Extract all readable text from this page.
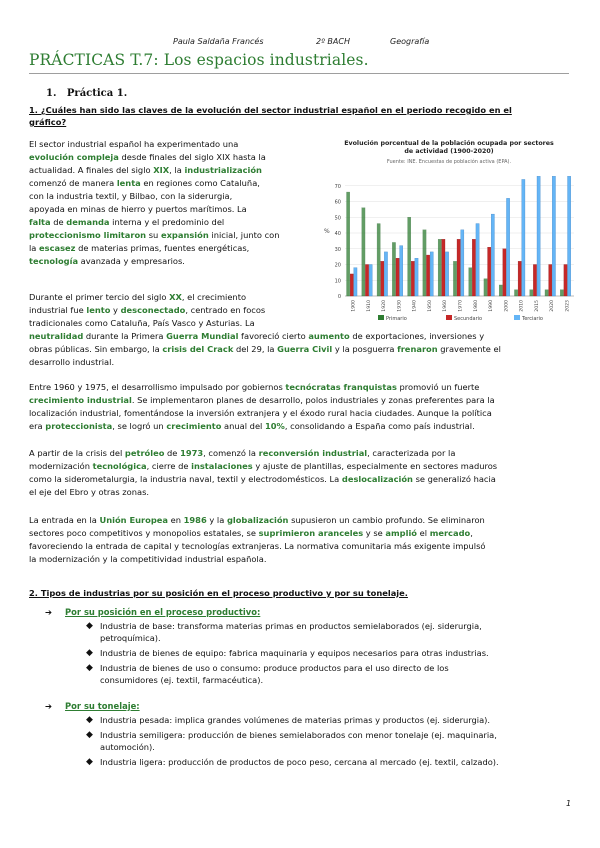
Paula Saldaña Francés	2º BACH	Geografía
PRÁCTICAS T.7: Los espacios industriales.
1. Práctica 1.
1. ¿Cuáles han sido las claves de la evolución del sector industrial español en el periodo recogido en el
gráfico?
El sector industrial español ha experimentado una
evolución compleja desde finales del siglo XIX hasta la
actualidad. A finales del siglo XIX, la industrialización
comenzó de manera lenta en regiones como Cataluña,
con la industria textil, y Bilbao, con la siderurgia,
apoyada en minas de hierro y puertos marítimos. La
falta de demanda interna y el predominio del
proteccionismo limitaron su expansión inicial, junto con
la escasez de materias primas, fuentes energéticas,
tecnología avanzada y empresarios.
Durante el primer tercio del siglo XX, el crecimiento
industrial fue lento y desconectado, centrado en focos
tradicionales como Cataluña, País Vasco y Asturias. La
neutralidad durante la Primera Guerra Mundial favoreció cierto aumento de exportaciones, inversiones y
obras públicas. Sin embargo, la crisis del Crack del 29, la Guerra Civil y la posguerra frenaron gravemente el
desarrollo industrial.
Entre 1960 y 1975, el desarrollismo impulsado por gobiernos tecnócratas franquistas promovió un fuerte
crecimiento industrial. Se implementaron planes de desarrollo, polos industriales y zonas preferentes para la
localización industrial, fomentándose la inversión extranjera y el éxodo rural hacia ciudades. Aunque la política
era proteccionista, se logró un crecimiento anual del 10%, consolidando a España como país industrial.
A partir de la crisis del petróleo de 1973, comenzó la reconversión industrial, caracterizada por la
modernización tecnológica, cierre de instalaciones y ajuste de plantillas, especialmente en sectores maduros
como la siderometalurgia, la industria naval, textil y electrodomésticos. La deslocalización se generalizó hacia
el eje del Ebro y otras zonas.
La entrada en la Unión Europea en 1986 y la globalización supusieron un cambio profundo. Se eliminaron
sectores poco competitivos y monopolios estatales, se suprimieron aranceles y se amplió el mercado,
favoreciendo la entrada de capital y tecnologías extranjeras. La normativa comunitaria más exigente impulsó
la modernización y la competitividad industrial española.
Evolución porcentual de la población ocupada por sectores
de actividad (1900-2020)
Fuente: INE. Encuestas de población activa (EPA).
0
10
20
30
40
50
60
70
%
1900 1910 1920 1930 1940 1950 1960 1970 1980 1990 2000 2010 2015 2020 2023
Primario	Secundario	Terciario
2. Tipos de industrias por su posición en el proceso productivo y por su tonelaje.
➔ Por su posición en el proceso productivo:
◆ Industria de base: transforma materias primas en productos semielaborados (ej. siderurgia,
petroquímica).
◆ Industria de bienes de equipo: fabrica maquinaria y equipos necesarios para otras industrias.
◆ Industria de bienes de uso o consumo: produce productos para el uso directo de los
consumidores (ej. textil, farmacéutica).
➔ Por su tonelaje:
◆ Industria pesada: implica grandes volúmenes de materias primas y productos (ej. siderurgia).
◆ Industria semiligera: producción de bienes semielaborados con menor tonelaje (ej. maquinaria,
automoción).
◆ Industria ligera: producción de productos de poco peso, cercana al mercado (ej. textil, calzado).
1
